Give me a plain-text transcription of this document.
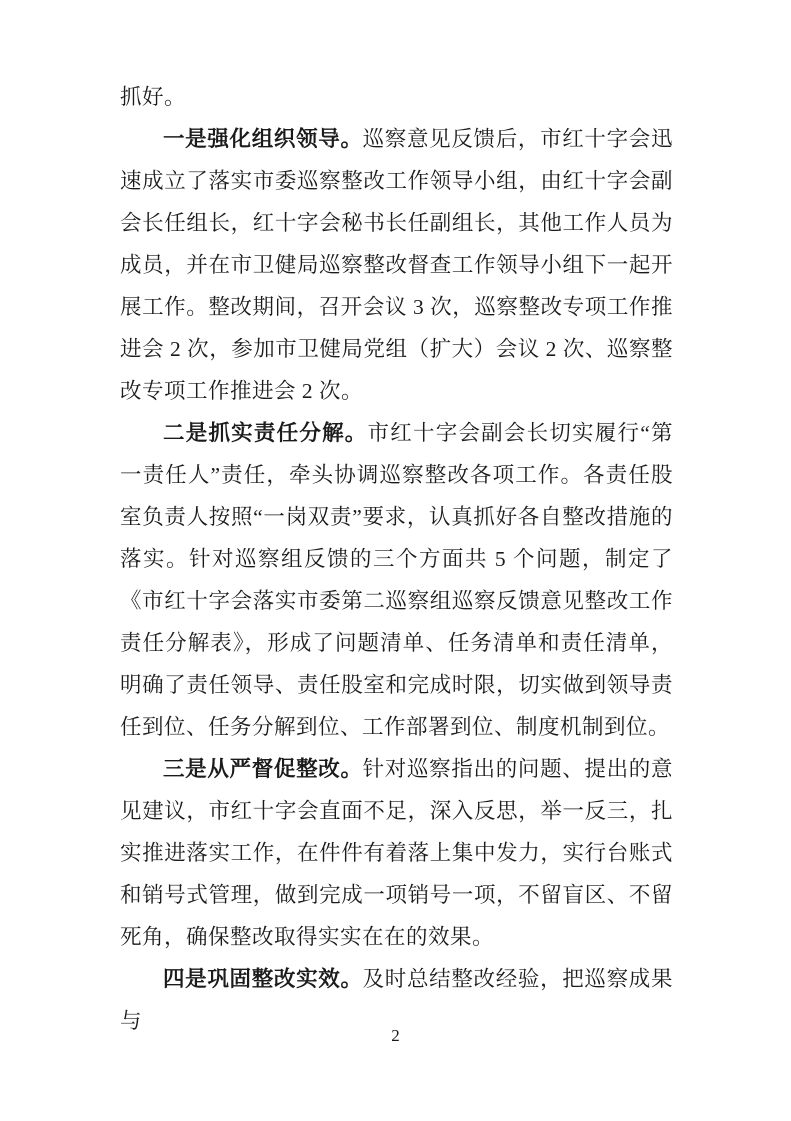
抓好。

一是强化组织领导。巡察意见反馈后，市红十字会迅速成立了落实市委巡察整改工作领导小组，由红十字会副会长任组长，红十字会秘书长任副组长，其他工作人员为成员，并在市卫健局巡察整改督查工作领导小组下一起开展工作。整改期间，召开会议 3 次，巡察整改专项工作推进会 2 次，参加市卫健局党组（扩大）会议 2 次、巡察整改专项工作推进会 2 次。

二是抓实责任分解。市红十字会副会长切实履行“第一责任人”责任，牵头协调巡察整改各项工作。各责任股室负责人按照“一岗双责”要求，认真抓好各自整改措施的落实。针对巡察组反馈的三个方面共 5 个问题，制定了《市红十字会落实市委第二巡察组巡察反馈意见整改工作责任分解表》，形成了问题清单、任务清单和责任清单，明确了责任领导、责任股室和完成时限，切实做到领导责任到位、任务分解到位、工作部署到位、制度机制到位。

三是从严督促整改。针对巡察指出的问题、提出的意见建议，市红十字会直面不足，深入反思，举一反三，扎实推进落实工作，在件件有着落上集中发力，实行台账式和销号式管理，做到完成一项销号一项，不留盲区、不留死角，确保整改取得实实在在的效果。

四是巩固整改实效。及时总结整改经验，把巡察成果与

2
